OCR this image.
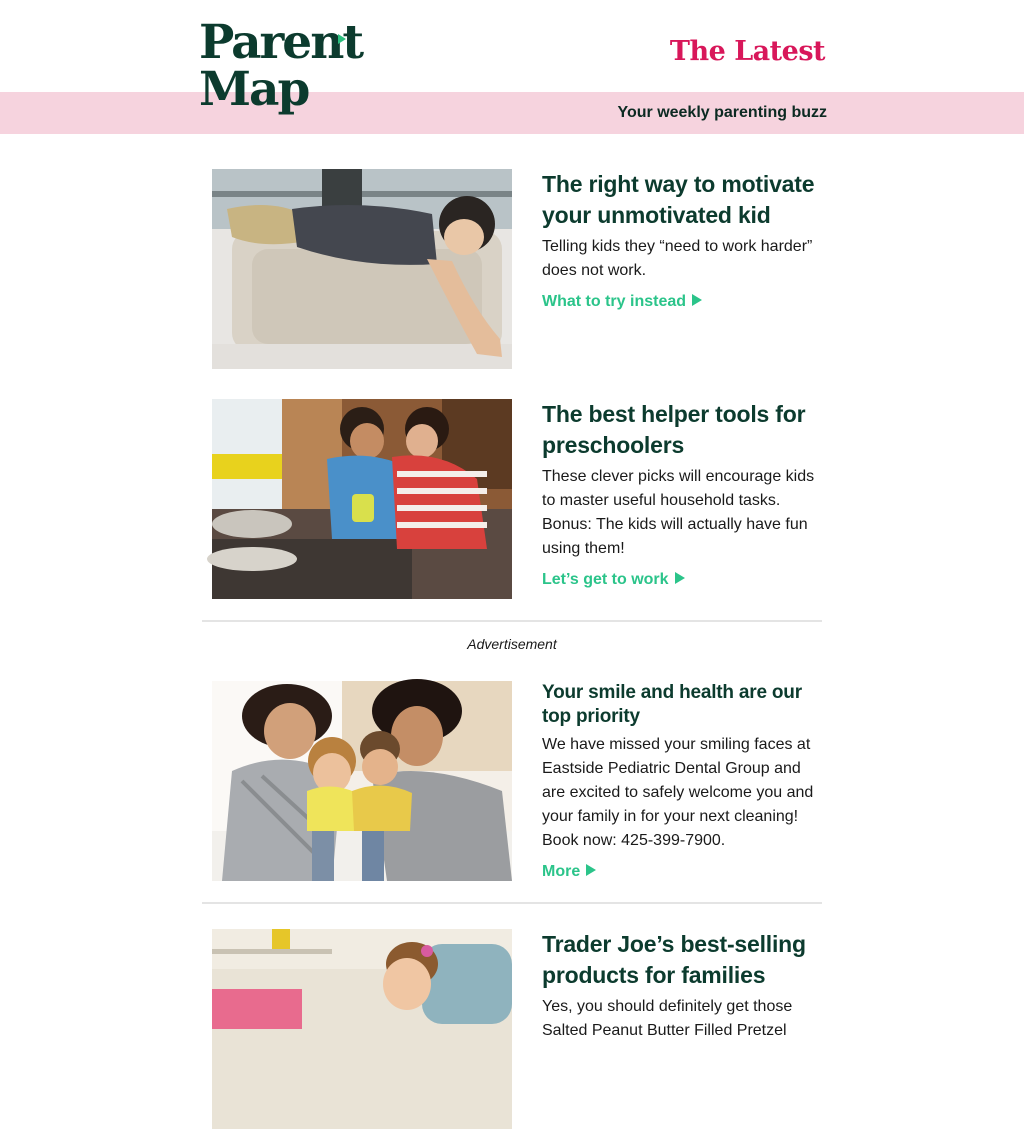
Parent
Map
The Latest
Your weekly parenting buzz
The right way to motivate your unmotivated kid
Telling kids they “need to work harder” does not work.
What to try instead
The best helper tools for preschoolers
These clever picks will encourage kids to master useful household tasks. Bonus: The kids will actually have fun using them!
Let’s get to work
Advertisement
Your smile and health are our top priority
We have missed your smiling faces at Eastside Pediatric Dental Group and are excited to safely welcome you and your family in for your next cleaning! Book now: 425-399-7900.
More
Trader Joe’s best-selling products for families
Yes, you should definitely get those Salted Peanut Butter Filled Pretzel
